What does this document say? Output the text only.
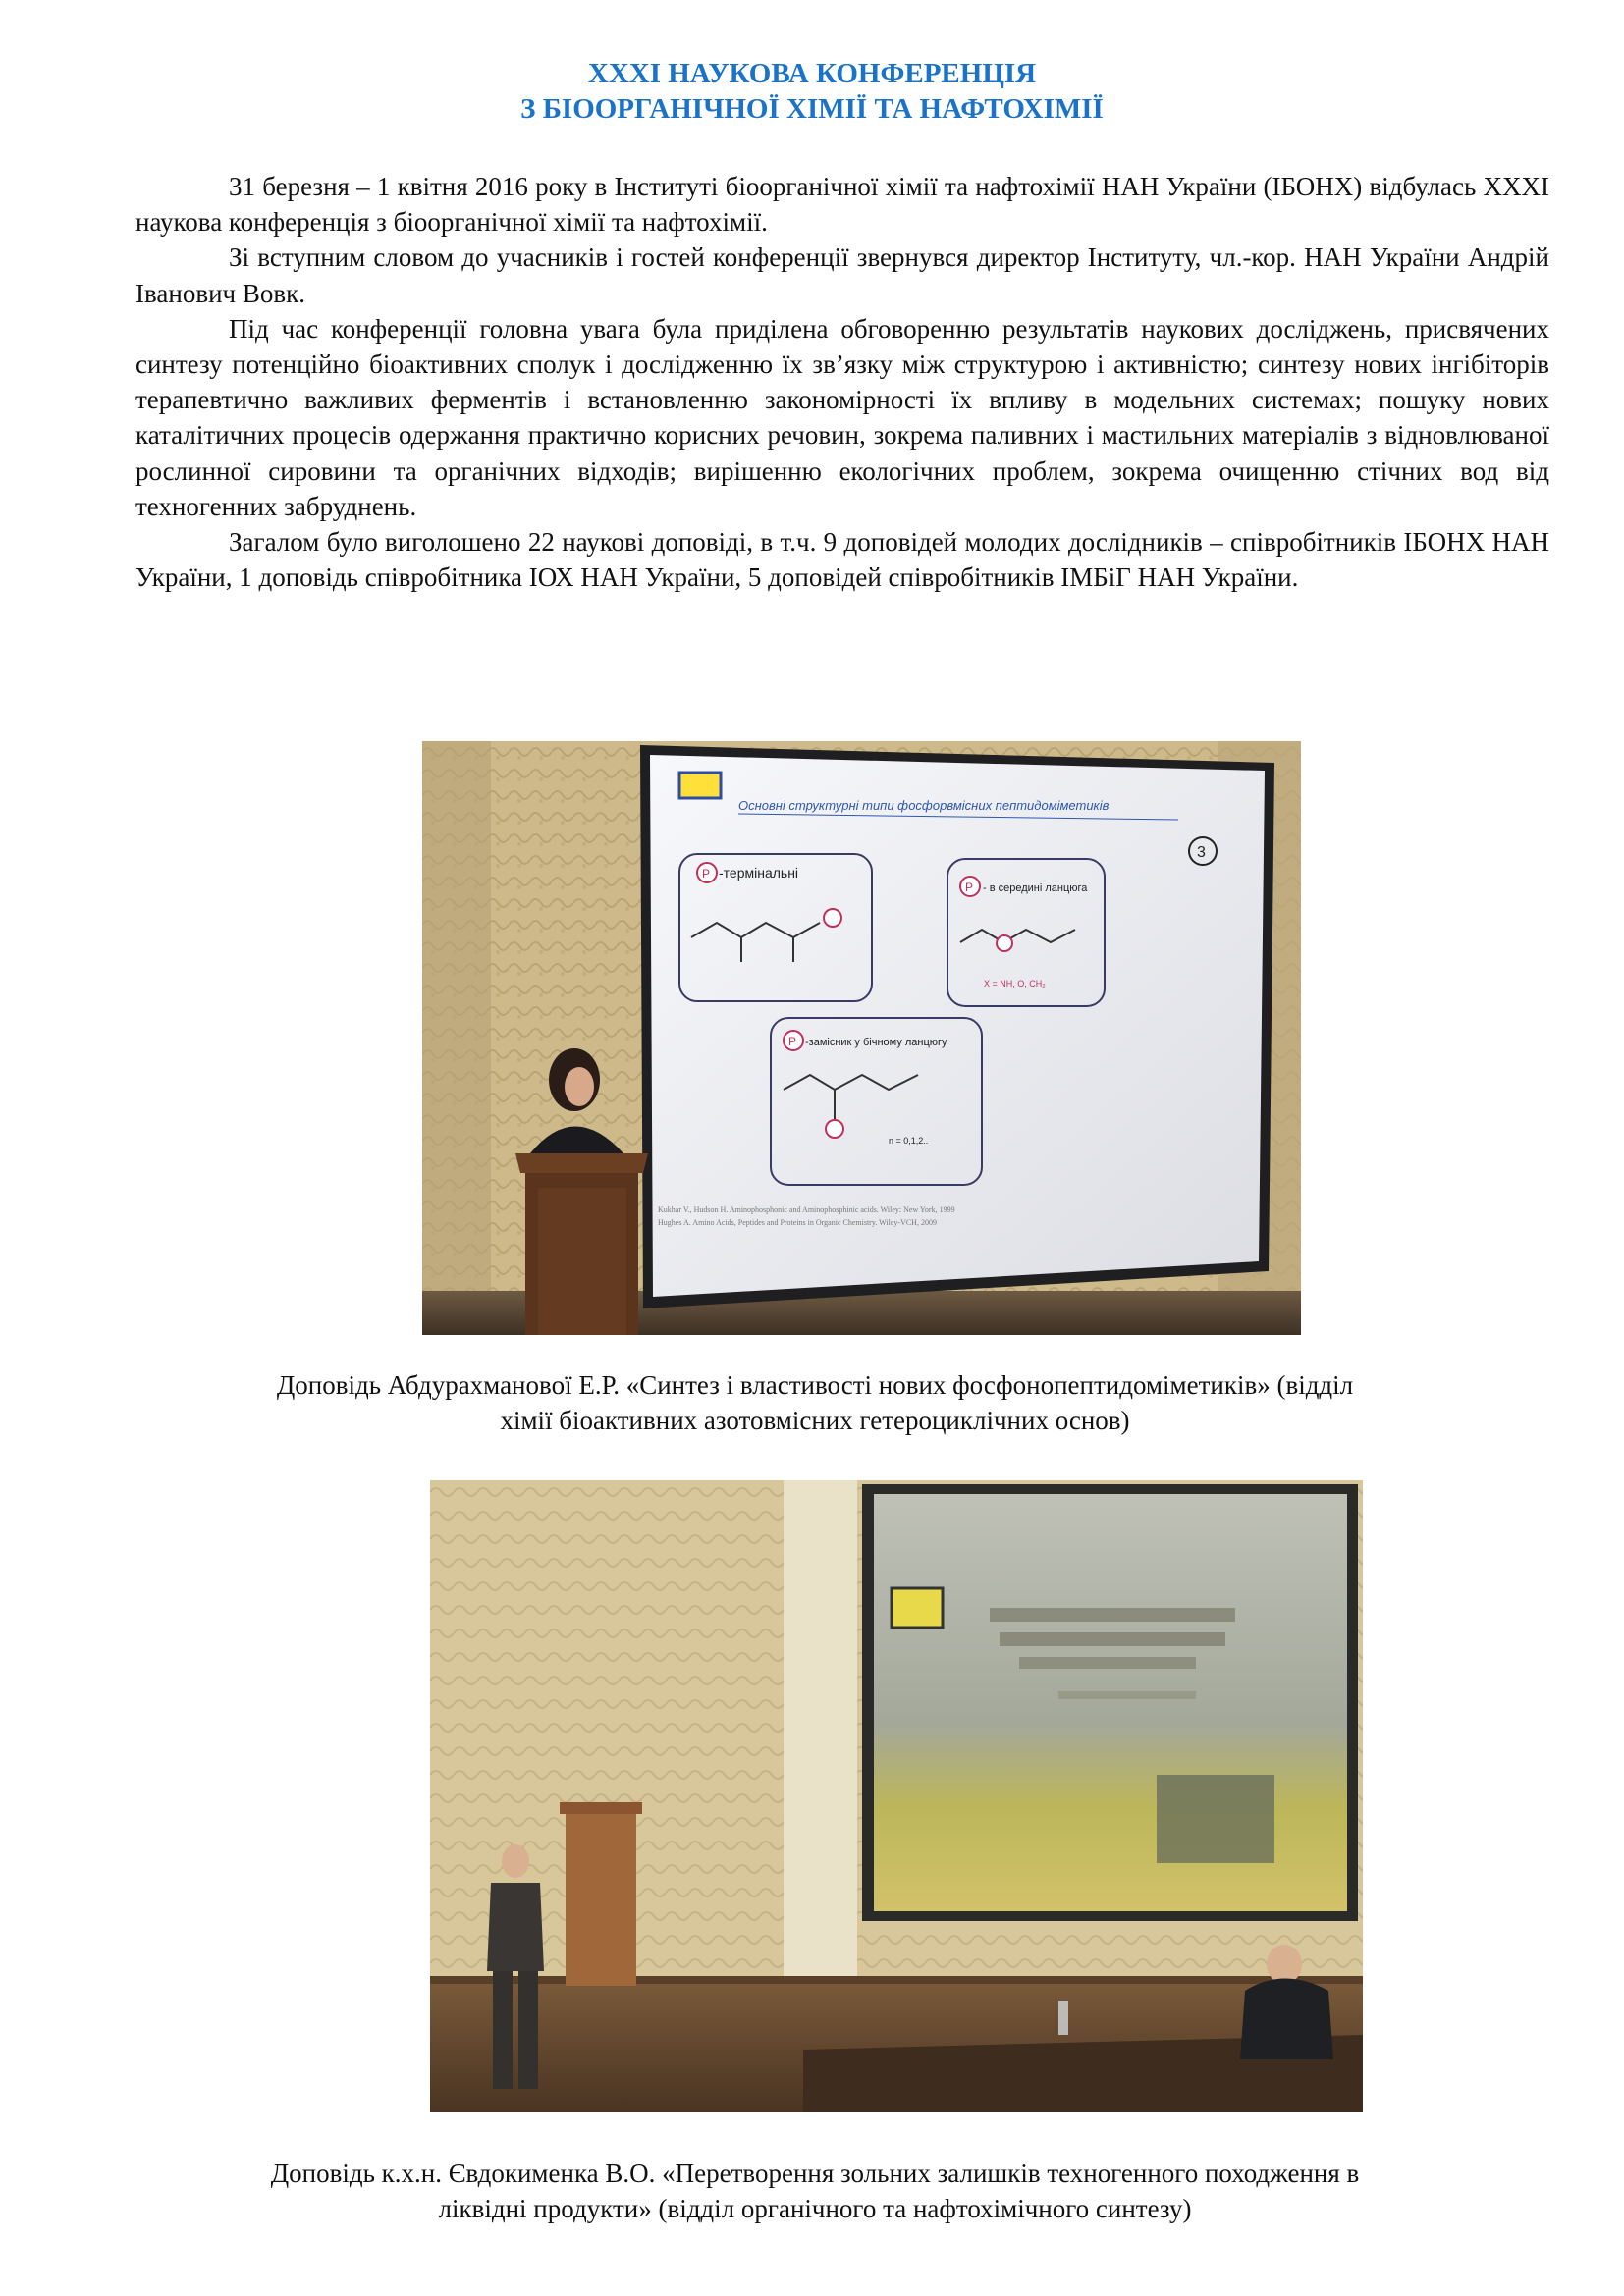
XXXI НАУКОВА КОНФЕРЕНЦІЯ
З БІООРГАНІЧНОЇ ХІМІЇ ТА НАФТОХІМІЇ

31 березня – 1 квітня 2016 року в Інституті біоорганічної хімії та нафтохімії НАН України (ІБОНХ) відбулась XXXI наукова конференція з біоорганічної хімії та нафтохімії.

Зі вступним словом до учасників і гостей конференції звернувся директор Інституту, чл.-кор. НАН України Андрій Іванович Вовк.

Під час конференції головна увага була приділена обговоренню результатів наукових досліджень, присвячених синтезу потенційно біоактивних сполук і дослідженню їх зв’язку між структурою і активністю; синтезу нових інгібіторів терапевтично важливих ферментів і встановленню закономірності їх впливу в модельних системах; пошуку нових каталітичних процесів одержання практично корисних речовин, зокрема паливних і мастильних матеріалів з відновлюваної рослинної сировини та органічних відходів; вирішенню екологічних проблем, зокрема очищенню стічних вод від техногенних забруднень.

Загалом було виголошено 22 наукові доповіді, в т.ч. 9 доповідей молодих дослідників – співробітників ІБОНХ НАН України, 1 доповідь співробітника ІОХ НАН України, 5 доповідей співробітників ІМБіГ НАН України.

Основні структурні типи фосфорвмісних пептидоміметиків
3
P -термінальні
P - в середині ланцюга
X = NH, O, CH₂
P -замісник у бічному ланцюгу
n = 0,1,2..
Kukhar V., Hudson H. Aminophosphonic and Aminophosphinic acids. Wiley: New York, 1999
Hughes A. Amino Acids, Peptides and Proteins in Organic Chemistry. Wiley-VCH, 2009
Доповідь Абдурахманової Е.Р. «Синтез і властивості нових фосфонопептидоміметиків» (відділ
хімії біоактивних азотовмісних гетероциклічних основ)
Доповідь к.х.н. Євдокименка В.О. «Перетворення зольних залишків техногенного походження в
ліквідні продукти» (відділ органічного та нафтохімічного синтезу)
